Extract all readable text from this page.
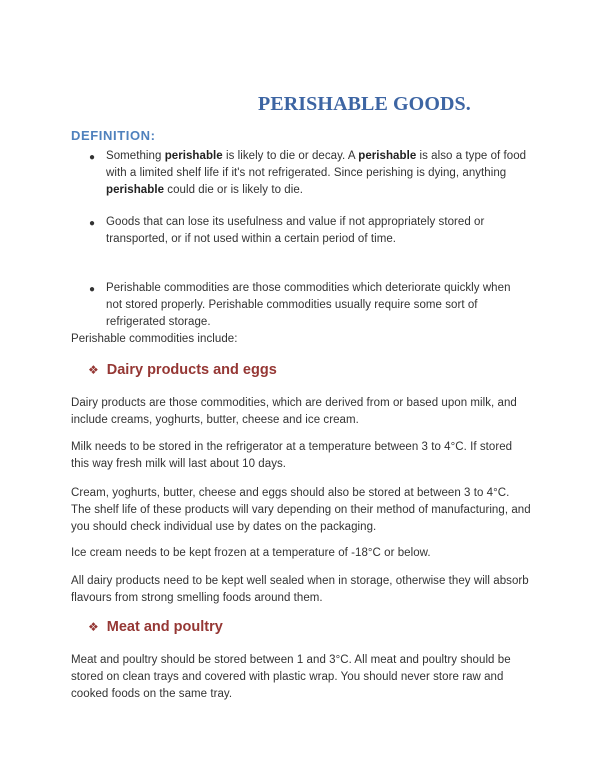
PERISHABLE GOODS.
DEFINITION:
● Something perishable is likely to die or decay. A perishable is also a type of food with a limited shelf life if it's not refrigerated. Since perishing is dying, anything perishable could die or is likely to die.
● Goods that can lose its usefulness and value if not appropriately stored or transported, or if not used within a certain period of time.
● Perishable commodities are those commodities which deteriorate quickly when not stored properly. Perishable commodities usually require some sort of refrigerated storage.

Perishable commodities include:

❖ Dairy products and eggs

Dairy products are those commodities, which are derived from or based upon milk, and include creams, yoghurts, butter, cheese and ice cream.

Milk needs to be stored in the refrigerator at a temperature between 3 to 4°C. If stored this way fresh milk will last about 10 days.

Cream, yoghurts, butter, cheese and eggs should also be stored at between 3 to 4°C. The shelf life of these products will vary depending on their method of manufacturing, and you should check individual use by dates on the packaging.

Ice cream needs to be kept frozen at a temperature of -18°C or below.

All dairy products need to be kept well sealed when in storage, otherwise they will absorb flavours from strong smelling foods around them.

❖ Meat and poultry

Meat and poultry should be stored between 1 and 3°C. All meat and poultry should be stored on clean trays and covered with plastic wrap. You should never store raw and cooked foods on the same tray.
